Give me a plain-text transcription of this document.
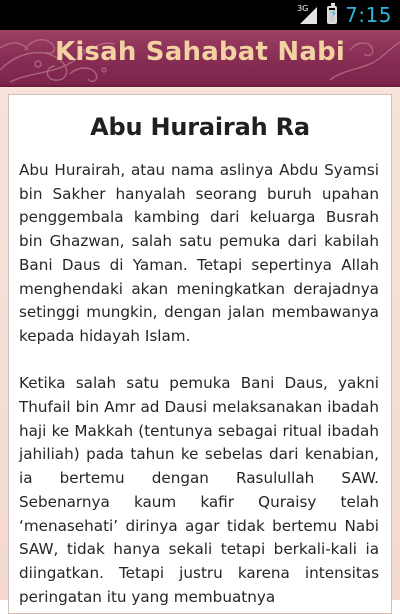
3G
⚡ 7:15
Kisah Sahabat Nabi
Abu Hurairah Ra

Abu Hurairah, atau nama aslinya Abdu Syamsi bin Sakher hanyalah seorang buruh upahan penggembala kambing dari keluarga Busrah bin Ghazwan, salah satu pemuka dari kabilah Bani Daus di Yaman. Tetapi sepertinya Allah menghendaki akan meningkatkan derajadnya setinggi mungkin, dengan jalan membawanya kepada hidayah Islam.

Ketika salah satu pemuka Bani Daus, yakni Thufail bin Amr ad Dausi melaksanakan ibadah haji ke Makkah (tentunya sebagai ritual ibadah jahiliah) pada tahun ke sebelas dari kenabian, ia bertemu dengan Rasulullah SAW. Sebenarnya kaum kafir Quraisy telah ‘menasehati’ dirinya agar tidak bertemu Nabi SAW, tidak hanya sekali tetapi berkali-kali ia diingatkan. Tetapi justru karena intensitas peringatan itu yang membuatnya
